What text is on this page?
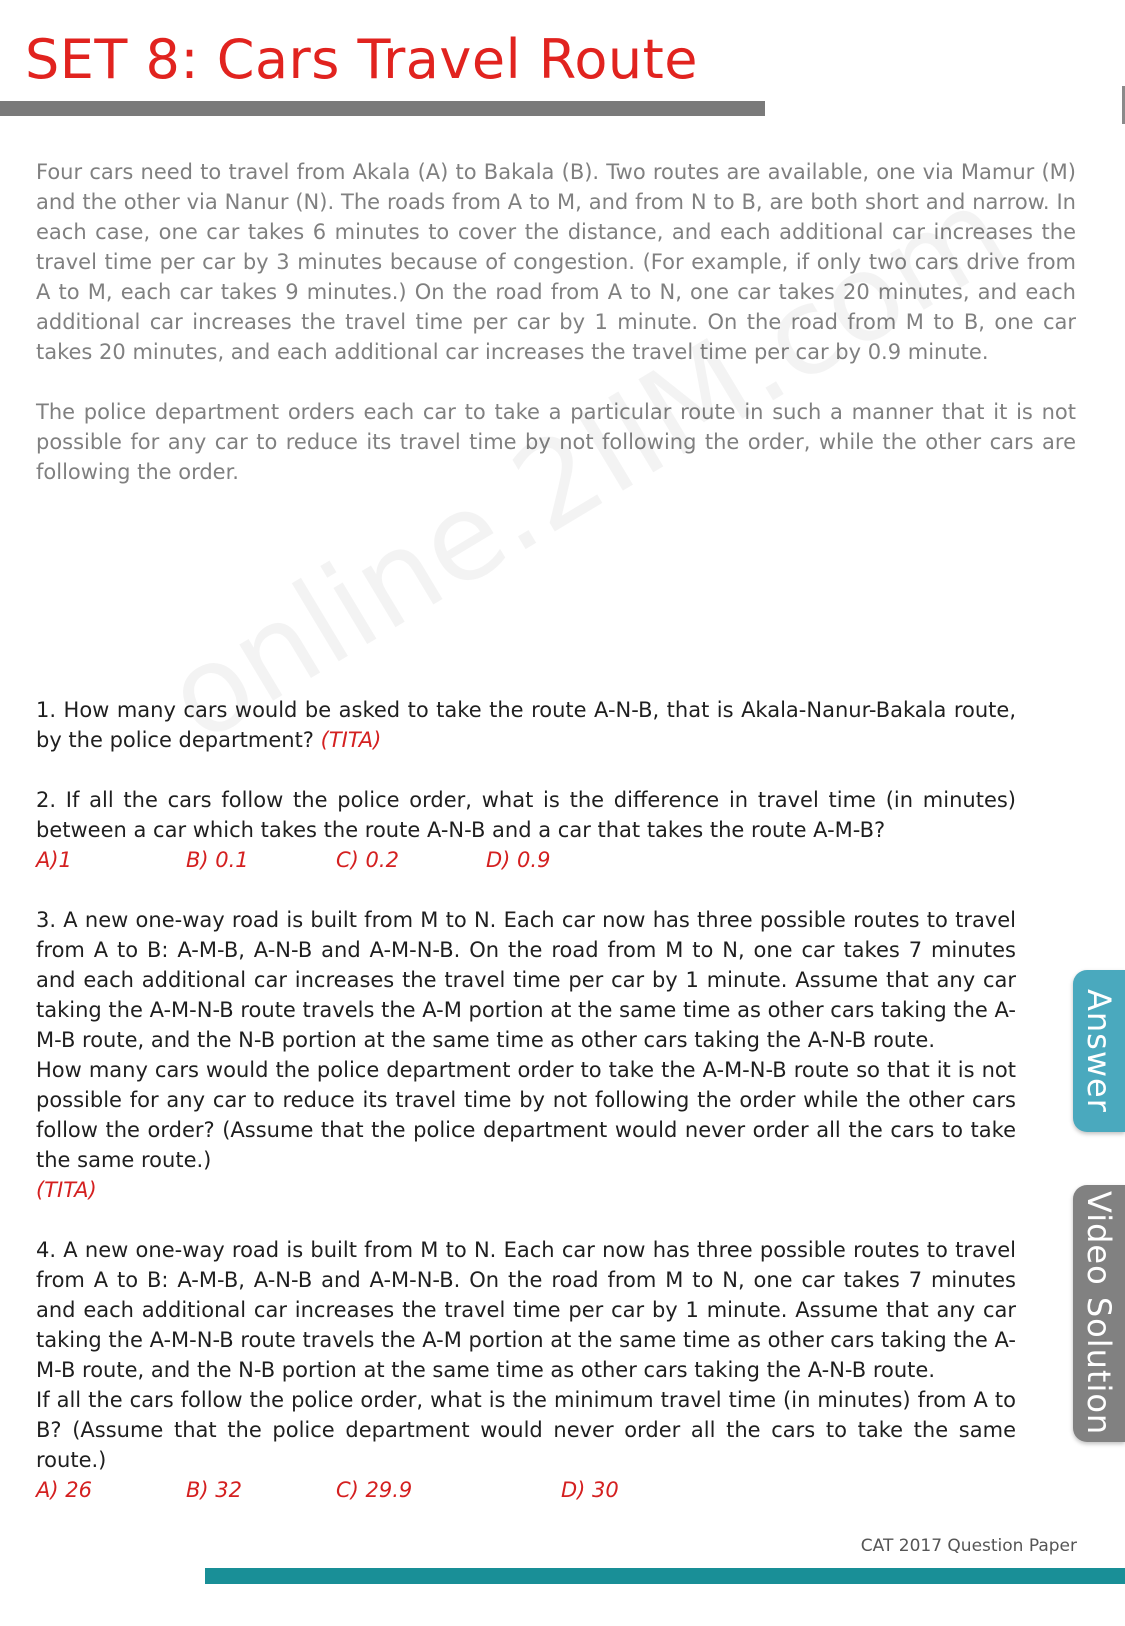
SET 8: Cars Travel Route

Four cars need to travel from Akala (A) to Bakala (B). Two routes are available, one via Mamur (M) and the other via Nanur (N). The roads from A to M, and from N to B, are both short and narrow. In each case, one car takes 6 minutes to cover the distance, and each additional car increases the travel time per car by 3 minutes because of congestion. (For example, if only two cars drive from A to M, each car takes 9 minutes.) On the road from A to N, one car takes 20 minutes, and each additional car increases the travel time per car by 1 minute. On the road from M to B, one car takes 20 minutes, and each additional car increases the travel time per car by 0.9 minute.

The police department orders each car to take a particular route in such a manner that it is not possible for any car to reduce its travel time by not following the order, while the other cars are following the order.

1. How many cars would be asked to take the route A-N-B, that is Akala-Nanur-Bakala route, by the police department? (TITA)

2. If all the cars follow the police order, what is the difference in travel time (in minutes) between a car which takes the route A-N-B and a car that takes the route A-M-B?

A)1	B) 0.1	C) 0.2	D) 0.9

3. A new one-way road is built from M to N. Each car now has three possible routes to travel from A to B: A-M-B, A-N-B and A-M-N-B. On the road from M to N, one car takes 7 minutes and each additional car increases the travel time per car by 1 minute. Assume that any car taking the A-M-N-B route travels the A-M portion at the same time as other cars taking the A-M-B route, and the N-B portion at the same time as other cars taking the A-N-B route.

How many cars would the police department order to take the A-M-N-B route so that it is not possible for any car to reduce its travel time by not following the order while the other cars follow the order? (Assume that the police department would never order all the cars to take the same route.)

(TITA)

4. A new one-way road is built from M to N. Each car now has three possible routes to travel from A to B: A-M-B, A-N-B and A-M-N-B. On the road from M to N, one car takes 7 minutes and each additional car increases the travel time per car by 1 minute. Assume that any car taking the A-M-N-B route travels the A-M portion at the same time as other cars taking the A-M-B route, and the N-B portion at the same time as other cars taking the A-N-B route.

If all the cars follow the police order, what is the minimum travel time (in minutes) from A to B? (Assume that the police department would never order all the cars to take the same route.)

A) 26	B) 32	C) 29.9	D) 30
CAT 2017 Question Paper
Answer
Video Solution
